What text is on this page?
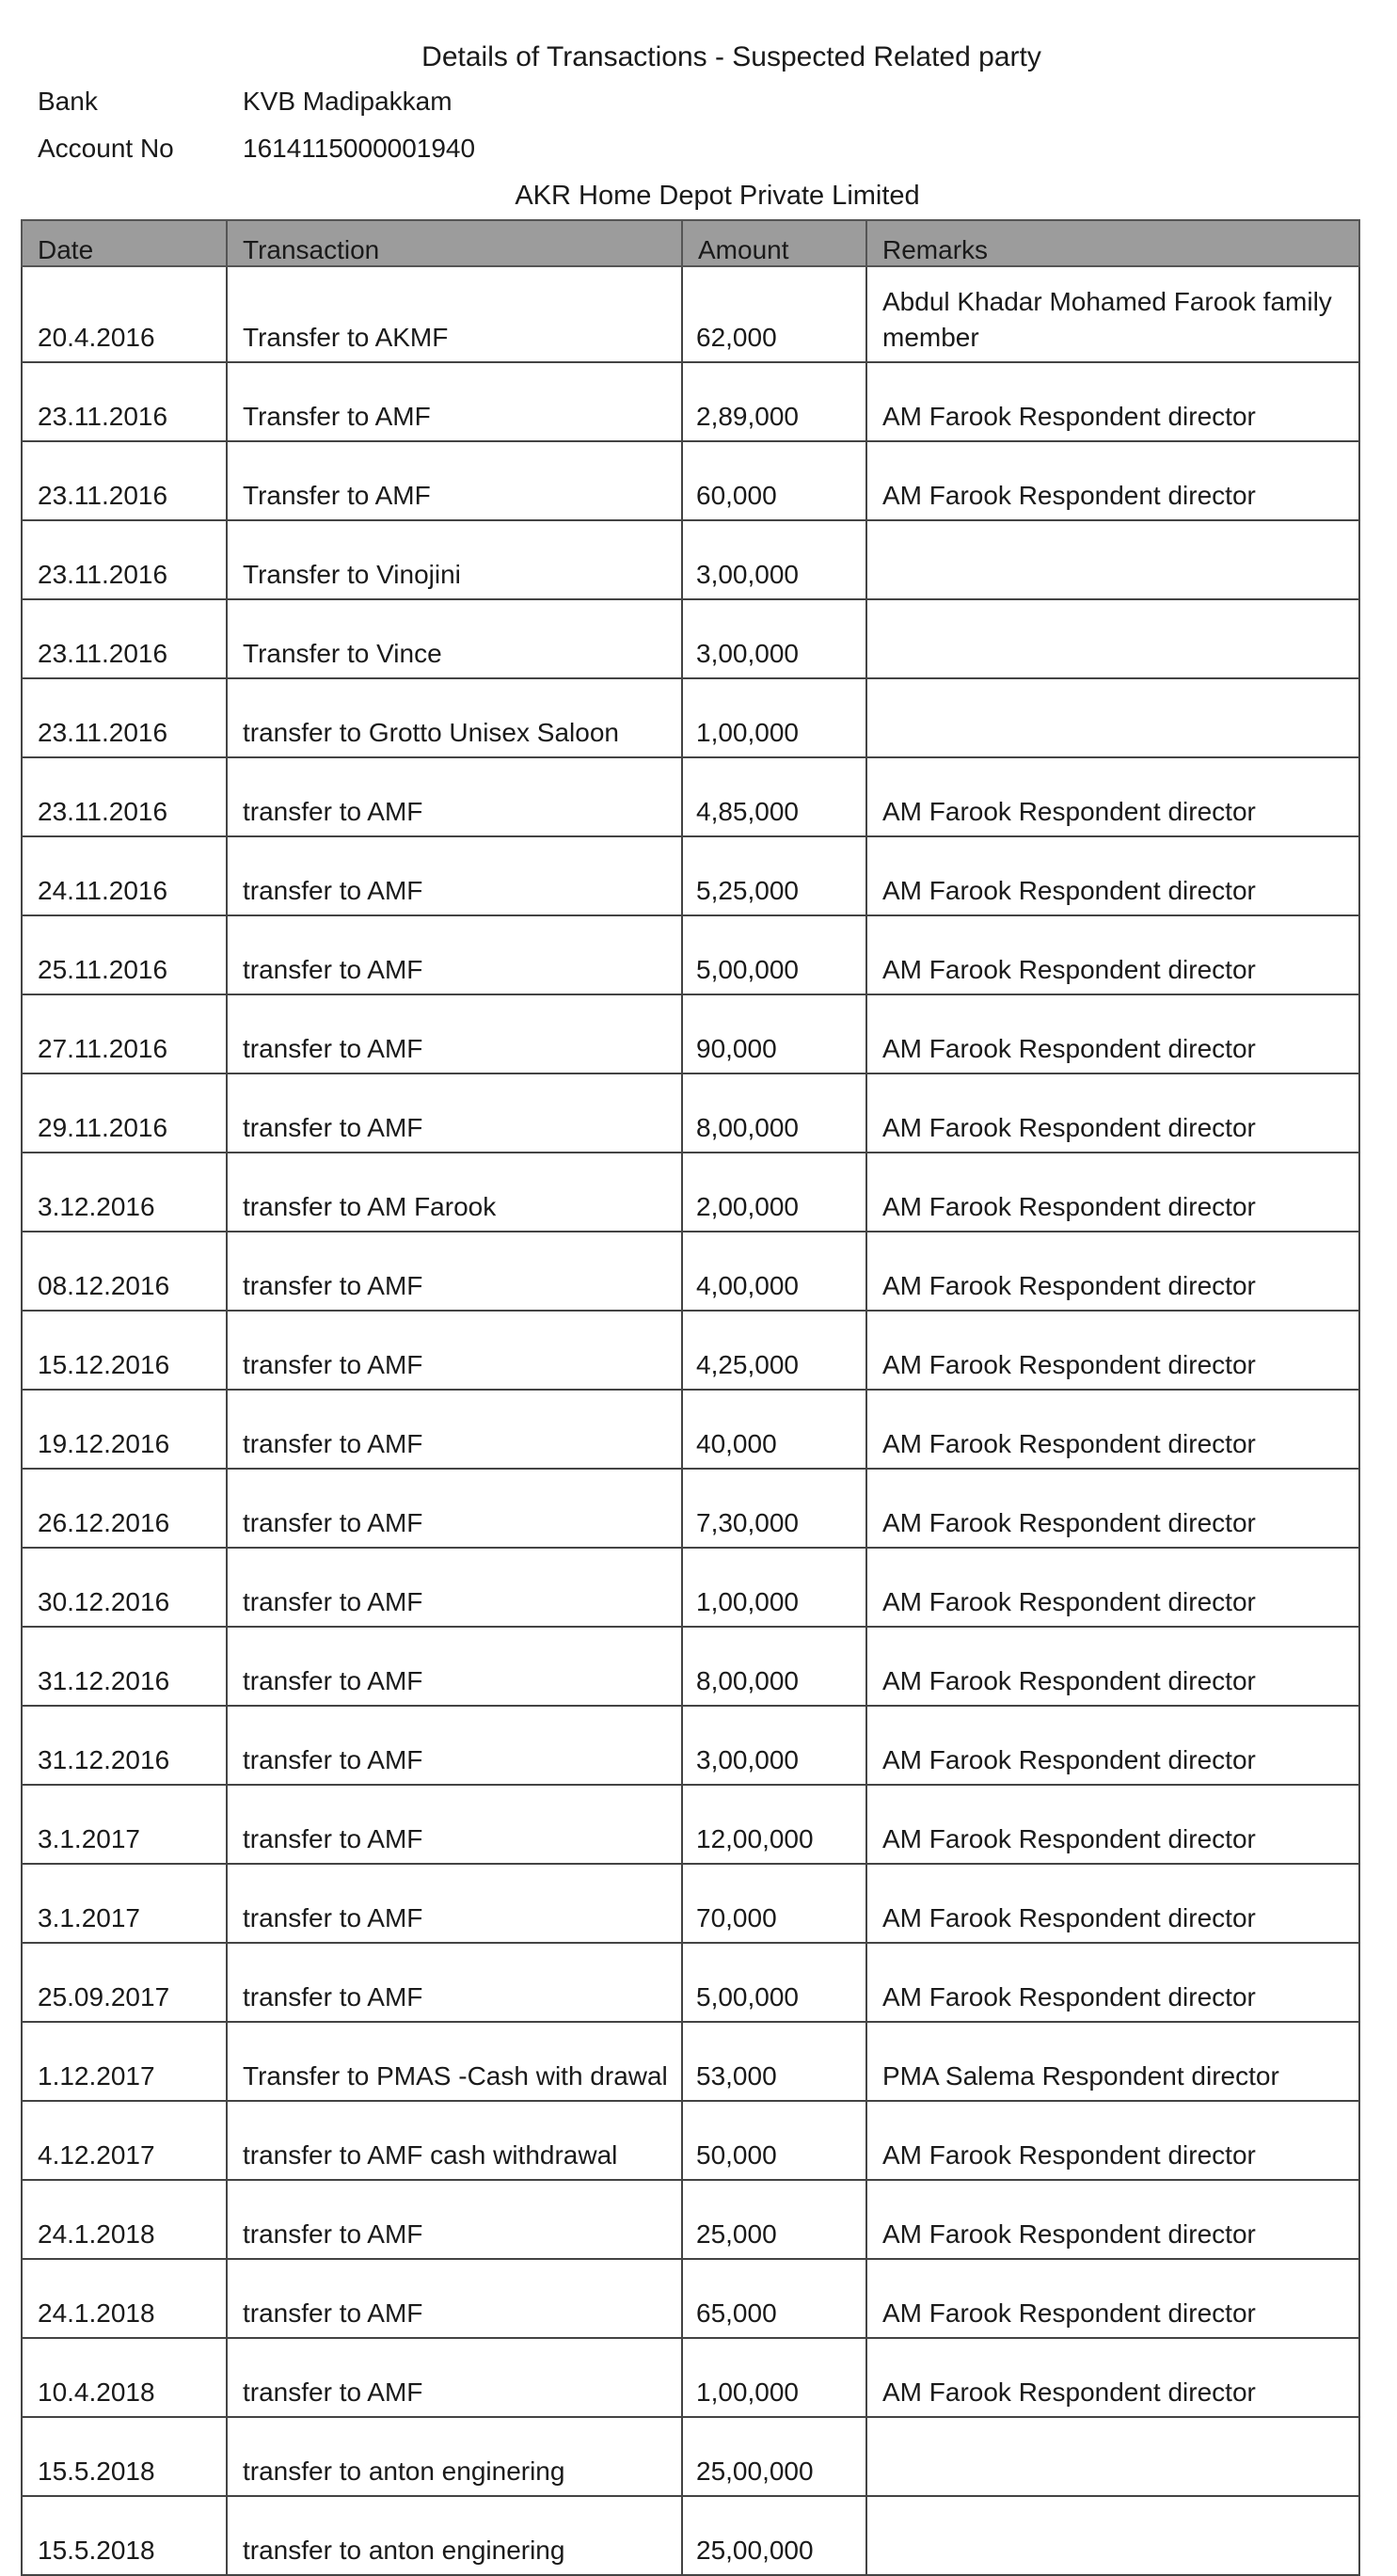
Details of Transactions - Suspected Related party
Bank	KVB Madipakkam
Account No	1614115000001940
AKR Home Depot Private Limited
Date	Transaction	Amount	Remarks
20.4.2016	Transfer to AKMF	62,000	Abdul Khadar Mohamed Farook family member
23.11.2016	Transfer to AMF	2,89,000	AM Farook Respondent director
23.11.2016	Transfer to AMF	60,000	AM Farook Respondent director
23.11.2016	Transfer to Vinojini	3,00,000	
23.11.2016	Transfer to Vince	3,00,000	
23.11.2016	transfer to Grotto Unisex Saloon	1,00,000	
23.11.2016	transfer to AMF	4,85,000	AM Farook Respondent director
24.11.2016	transfer to AMF	5,25,000	AM Farook Respondent director
25.11.2016	transfer to AMF	5,00,000	AM Farook Respondent director
27.11.2016	transfer to AMF	90,000	AM Farook Respondent director
29.11.2016	transfer to AMF	8,00,000	AM Farook Respondent director
3.12.2016	transfer to AM Farook	2,00,000	AM Farook Respondent director
08.12.2016	transfer to AMF	4,00,000	AM Farook Respondent director
15.12.2016	transfer to AMF	4,25,000	AM Farook Respondent director
19.12.2016	transfer to AMF	40,000	AM Farook Respondent director
26.12.2016	transfer to AMF	7,30,000	AM Farook Respondent director
30.12.2016	transfer to AMF	1,00,000	AM Farook Respondent director
31.12.2016	transfer to AMF	8,00,000	AM Farook Respondent director
31.12.2016	transfer to AMF	3,00,000	AM Farook Respondent director
3.1.2017	transfer to AMF	12,00,000	AM Farook Respondent director
3.1.2017	transfer to AMF	70,000	AM Farook Respondent director
25.09.2017	transfer to AMF	5,00,000	AM Farook Respondent director
1.12.2017	Transfer to PMAS -Cash with drawal	53,000	PMA Salema Respondent director
4.12.2017	transfer to AMF cash withdrawal	50,000	AM Farook Respondent director
24.1.2018	transfer to AMF	25,000	AM Farook Respondent director
24.1.2018	transfer to AMF	65,000	AM Farook Respondent director
10.4.2018	transfer to AMF	1,00,000	AM Farook Respondent director
15.5.2018	transfer to anton enginering	25,00,000	
15.5.2018	transfer to anton enginering	25,00,000	
